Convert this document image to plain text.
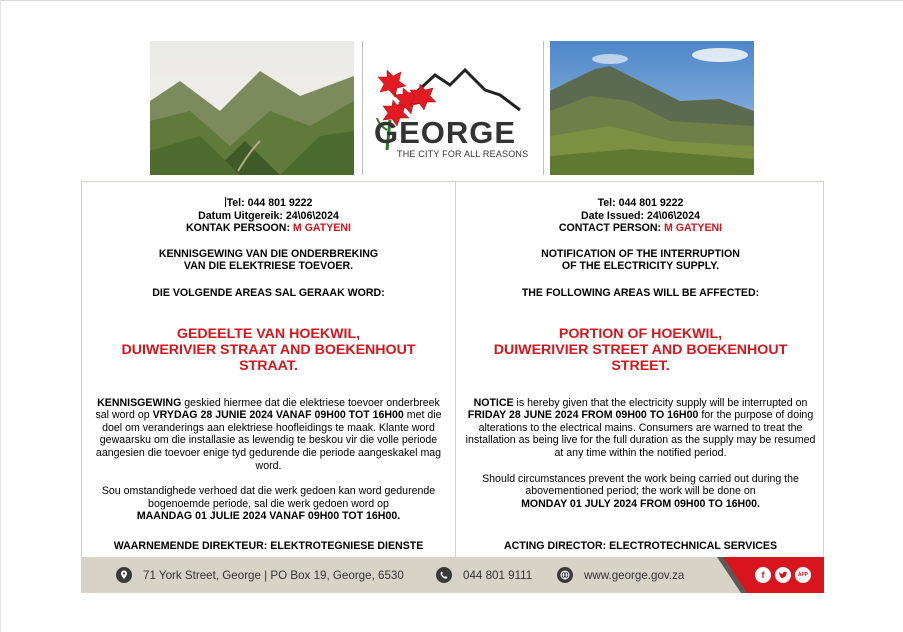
GEORGE
THE CITY FOR ALL REASONS
Tel: 044 801 9222
Datum Uitgereik: 24\06\2024
KONTAK PERSOON: M GATYENI
KENNISGEWING VAN DIE ONDERBREKING
VAN DIE ELEKTRIESE TOEVOER.
DIE VOLGENDE AREAS SAL GERAAK WORD:
GEDEELTE VAN HOEKWIL,
DUIWERIVIER STRAAT AND BOEKENHOUT
STRAAT.
KENNISGEWING geskied hiermee dat die elektriese toevoer onderbreek sal word op VRYDAG 28 JUNIE 2024 VANAF 09H00 TOT 16H00 met die doel om veranderings aan elektriese hoofleidings te maak. Klante word gewaarsku om die installasie as lewendig te beskou vir die volle periode aangesien die toevoer enige tyd gedurende die periode aangeskakel mag word.
Sou omstandighede verhoed dat die werk gedoen kan word gedurende bogenoemde periode, sal die werk gedoen word op
MAANDAG 01 JULIE 2024 VANAF 09H00 TOT 16H00.
WAARNEMENDE DIREKTEUR: ELEKTROTEGNIESE DIENSTE
Tel: 044 801 9222
Date Issued: 24\06\2024
CONTACT PERSON: M GATYENI
NOTIFICATION OF THE INTERRUPTION
OF THE ELECTRICITY SUPPLY.
THE FOLLOWING AREAS WILL BE AFFECTED:
PORTION OF HOEKWIL,
DUIWERIVIER STREET AND BOEKENHOUT
STREET.
NOTICE is hereby given that the electricity supply will be interrupted on FRIDAY 28 JUNE 2024 FROM 09H00 TO 16H00 for the purpose of doing alterations to the electrical mains. Consumers are warned to treat the installation as being live for the full duration as the supply may be resumed at any time within the notified period.
Should circumstances prevent the work being carried out during the abovementioned period; the work will be done on
MONDAY 01 JULY 2024 FROM 09H00 TO 16H00.
ACTING DIRECTOR: ELECTROTECHNICAL SERVICES
71 York Street, George | PO Box 19, George, 6530	044 801 9111	www.george.gov.za	f	APP
